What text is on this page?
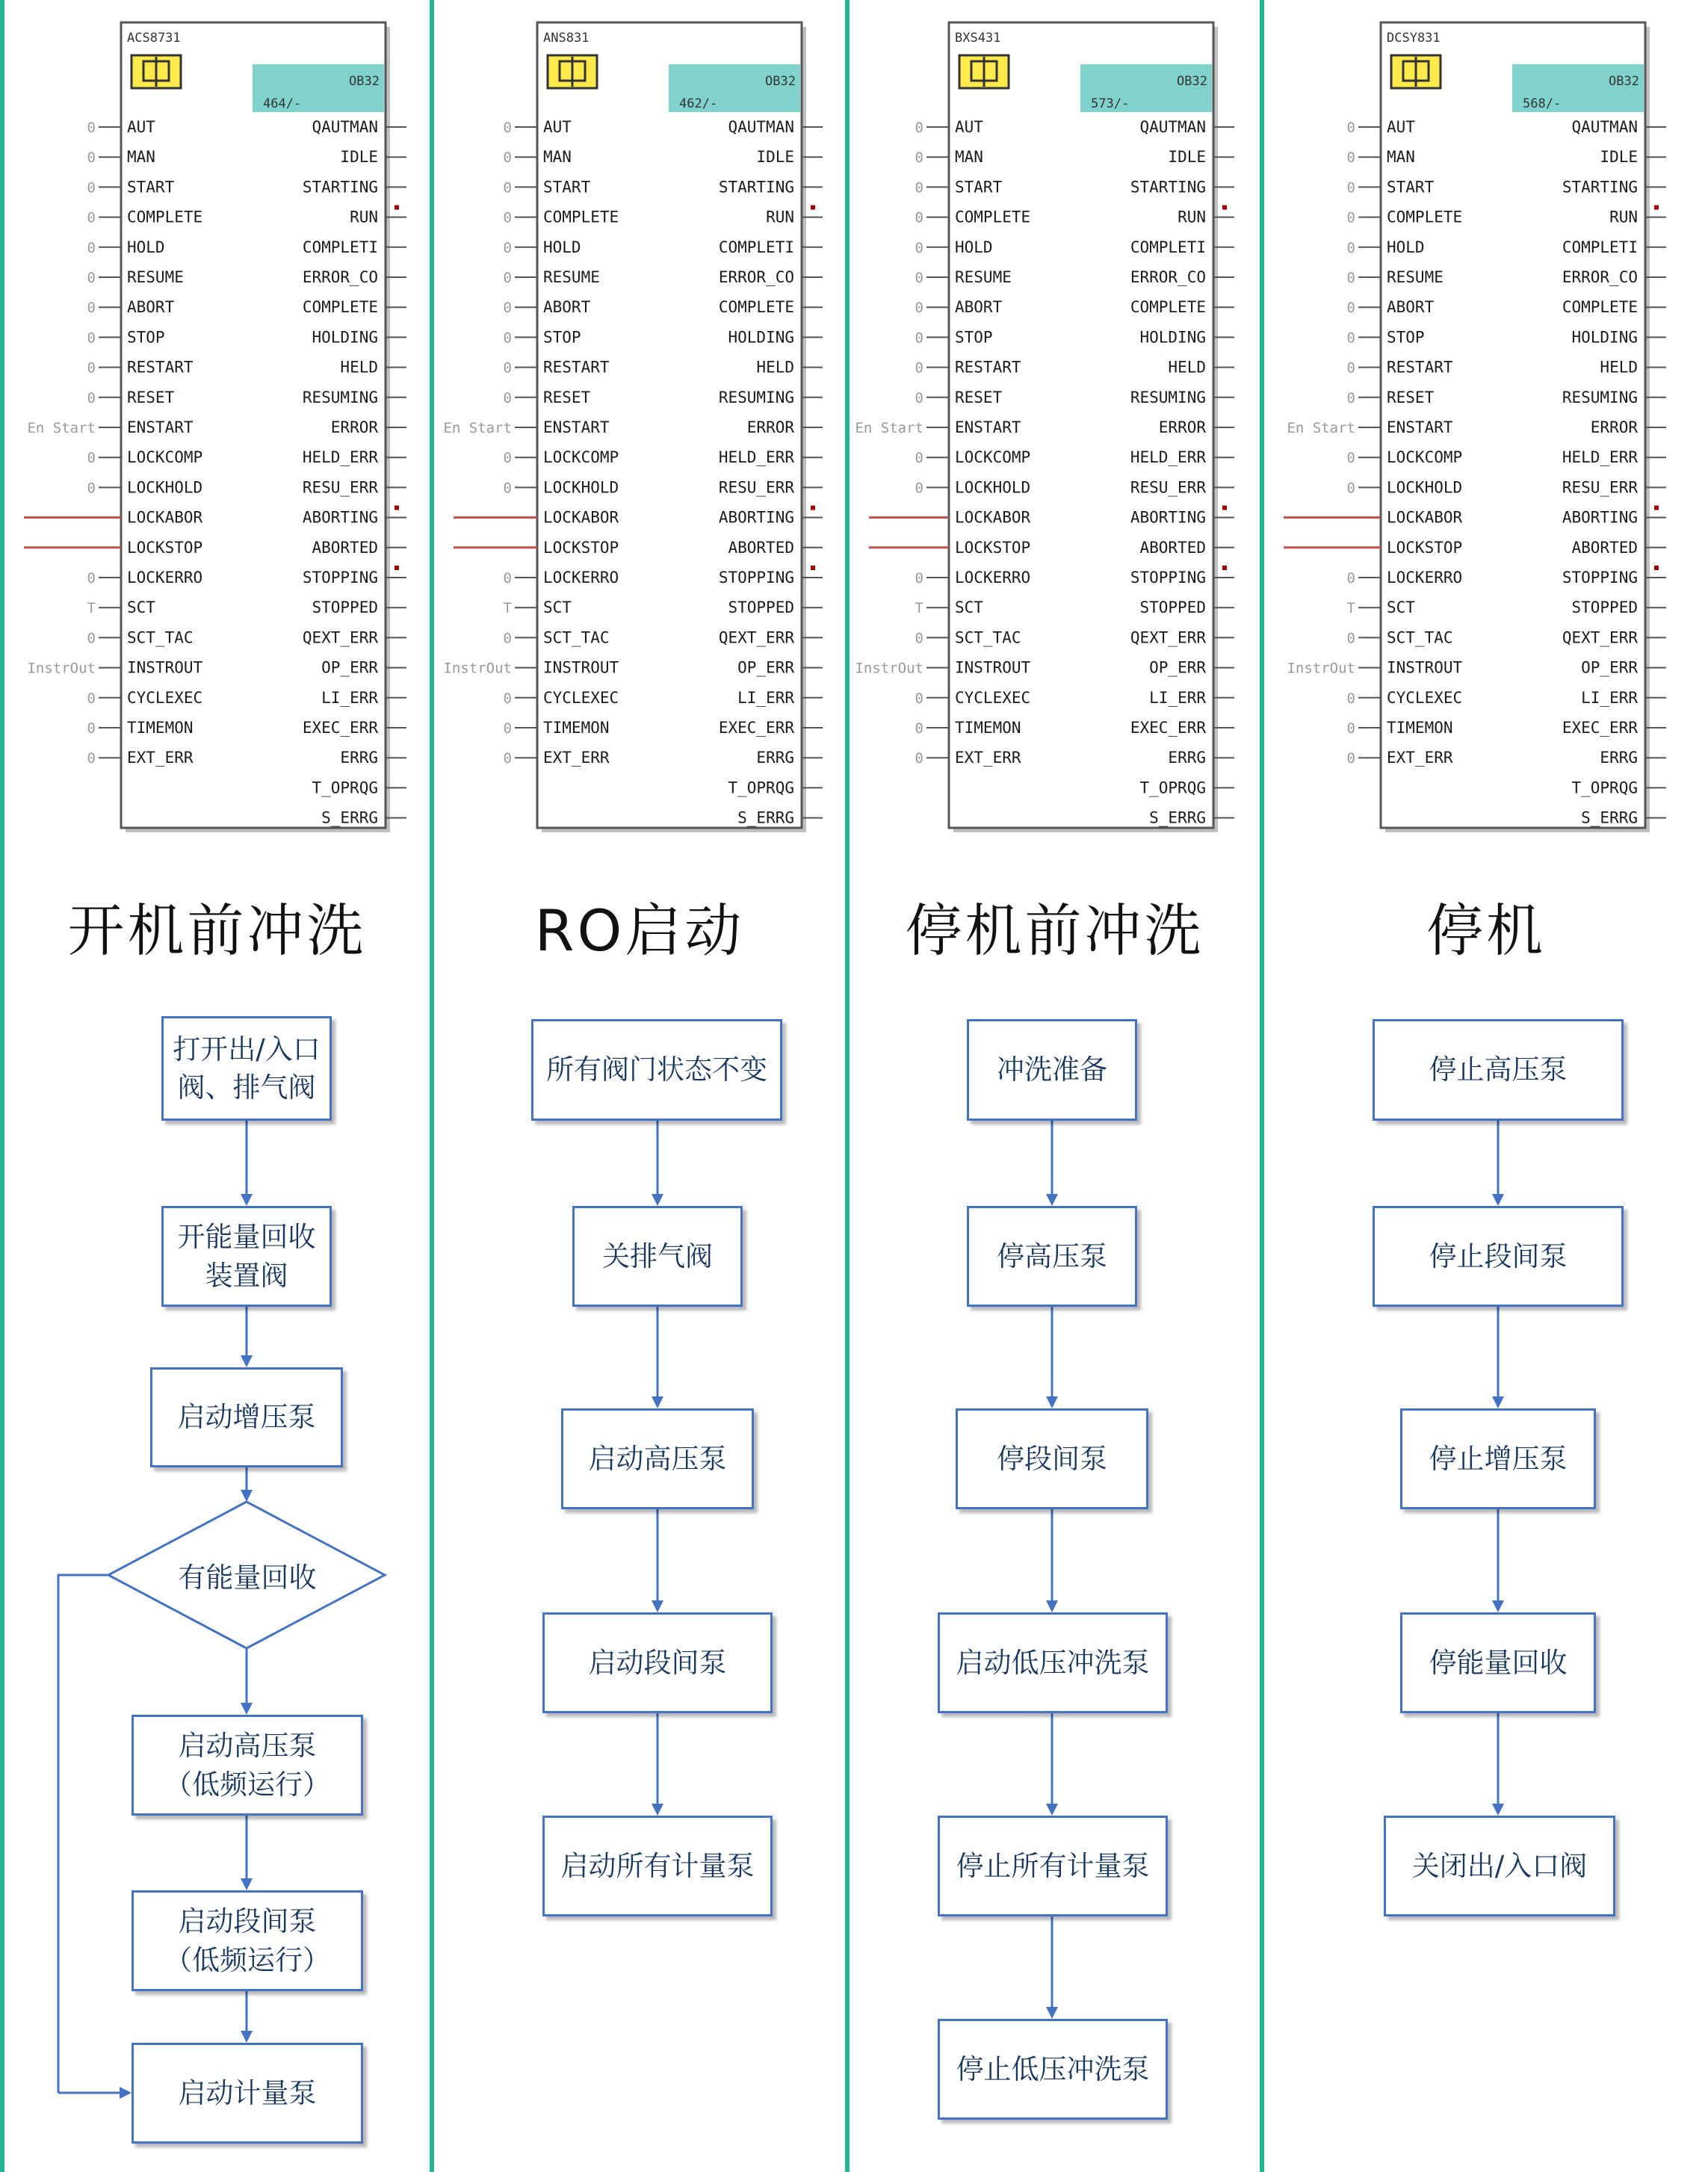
ACS8731
OB32
464/-
AUT
0
MAN
0
START
0
COMPLETE
0
HOLD
0
RESUME
0
ABORT
0
STOP
0
RESTART
0
RESET
0
ENSTART
En Start
LOCKCOMP
0
LOCKHOLD
0
LOCKABOR
LOCKSTOP
LOCKERRO
0
SCT
T
SCT_TAC
0
INSTROUT
InstrOut
CYCLEXEC
0
TIMEMON
0
EXT_ERR
0
QAUTMAN
IDLE
STARTING
RUN
COMPLETI
ERROR_CO
COMPLETE
HOLDING
HELD
RESUMING
ERROR
HELD_ERR
RESU_ERR
ABORTING
ABORTED
STOPPING
STOPPED
QEXT_ERR
OP_ERR
LI_ERR
EXEC_ERR
ERRG
T_OPRQG
S_ERRG
开机前冲洗
打开出/入口
阀、排气阀
开能量回收
装置阀
启动增压泵
有能量回收
启动高压泵
（低频运行）
启动段间泵
（低频运行）
启动计量泵
ANS831
OB32
462/-
AUT
0
MAN
0
START
0
COMPLETE
0
HOLD
0
RESUME
0
ABORT
0
STOP
0
RESTART
0
RESET
0
ENSTART
En Start
LOCKCOMP
0
LOCKHOLD
0
LOCKABOR
LOCKSTOP
LOCKERRO
0
SCT
T
SCT_TAC
0
INSTROUT
InstrOut
CYCLEXEC
0
TIMEMON
0
EXT_ERR
0
QAUTMAN
IDLE
STARTING
RUN
COMPLETI
ERROR_CO
COMPLETE
HOLDING
HELD
RESUMING
ERROR
HELD_ERR
RESU_ERR
ABORTING
ABORTED
STOPPING
STOPPED
QEXT_ERR
OP_ERR
LI_ERR
EXEC_ERR
ERRG
T_OPRQG
S_ERRG
RO启动
所有阀门状态不变
关排气阀
启动高压泵
启动段间泵
启动所有计量泵
BXS431
OB32
573/-
AUT
0
MAN
0
START
0
COMPLETE
0
HOLD
0
RESUME
0
ABORT
0
STOP
0
RESTART
0
RESET
0
ENSTART
En Start
LOCKCOMP
0
LOCKHOLD
0
LOCKABOR
LOCKSTOP
LOCKERRO
0
SCT
T
SCT_TAC
0
INSTROUT
InstrOut
CYCLEXEC
0
TIMEMON
0
EXT_ERR
0
QAUTMAN
IDLE
STARTING
RUN
COMPLETI
ERROR_CO
COMPLETE
HOLDING
HELD
RESUMING
ERROR
HELD_ERR
RESU_ERR
ABORTING
ABORTED
STOPPING
STOPPED
QEXT_ERR
OP_ERR
LI_ERR
EXEC_ERR
ERRG
T_OPRQG
S_ERRG
停机前冲洗
冲洗准备
停高压泵
停段间泵
启动低压冲洗泵
停止所有计量泵
停止低压冲洗泵
DCSY831
OB32
568/-
AUT
0
MAN
0
START
0
COMPLETE
0
HOLD
0
RESUME
0
ABORT
0
STOP
0
RESTART
0
RESET
0
ENSTART
En Start
LOCKCOMP
0
LOCKHOLD
0
LOCKABOR
LOCKSTOP
LOCKERRO
0
SCT
T
SCT_TAC
0
INSTROUT
InstrOut
CYCLEXEC
0
TIMEMON
0
EXT_ERR
0
QAUTMAN
IDLE
STARTING
RUN
COMPLETI
ERROR_CO
COMPLETE
HOLDING
HELD
RESUMING
ERROR
HELD_ERR
RESU_ERR
ABORTING
ABORTED
STOPPING
STOPPED
QEXT_ERR
OP_ERR
LI_ERR
EXEC_ERR
ERRG
T_OPRQG
S_ERRG
停机
停止高压泵
停止段间泵
停止增压泵
停能量回收
关闭出/入口阀
